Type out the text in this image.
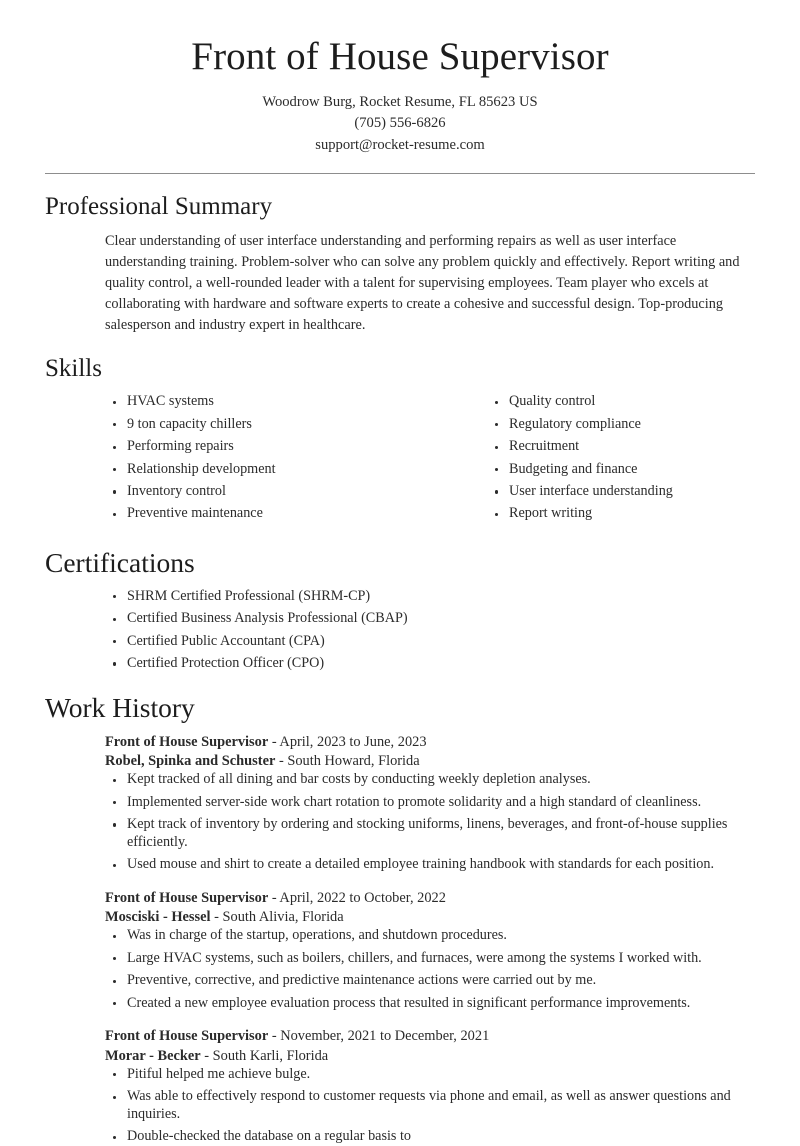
Front of House Supervisor
Woodrow Burg, Rocket Resume, FL 85623 US
(705) 556-6826
support@rocket-resume.com
Professional Summary

Clear understanding of user interface understanding and performing repairs as well as user interface understanding training. Problem-solver who can solve any problem quickly and effectively. Report writing and quality control, a well-rounded leader with a talent for supervising employees. Team player who excels at collaborating with hardware and software experts to create a cohesive and successful design. Top-producing salesperson and industry expert in healthcare.

Skills
HVAC systems
9 ton capacity chillers
Performing repairs
Relationship development
Inventory control
Preventive maintenance
Quality control
Regulatory compliance
Recruitment
Budgeting and finance
User interface understanding
Report writing
Certifications
SHRM Certified Professional (SHRM-CP)
Certified Business Analysis Professional (CBAP)
Certified Public Accountant (CPA)
Certified Protection Officer (CPO)
Work History
Front of House Supervisor - April, 2023 to June, 2023
Robel, Spinka and Schuster - South Howard, Florida
Kept tracked of all dining and bar costs by conducting weekly depletion analyses.
Implemented server-side work chart rotation to promote solidarity and a high standard of cleanliness.
Kept track of inventory by ordering and stocking uniforms, linens, beverages, and front-of-house supplies efficiently.
Used mouse and shirt to create a detailed employee training handbook with standards for each position.
Front of House Supervisor - April, 2022 to October, 2022
Mosciski - Hessel - South Alivia, Florida
Was in charge of the startup, operations, and shutdown procedures.
Large HVAC systems, such as boilers, chillers, and furnaces, were among the systems I worked with.
Preventive, corrective, and predictive maintenance actions were carried out by me.
Created a new employee evaluation process that resulted in significant performance improvements.
Front of House Supervisor - November, 2021 to December, 2021
Morar - Becker - South Karli, Florida
Pitiful helped me achieve bulge.
Was able to effectively respond to customer requests via phone and email, as well as answer questions and inquiries.
Double-checked the database on a regular basis to
